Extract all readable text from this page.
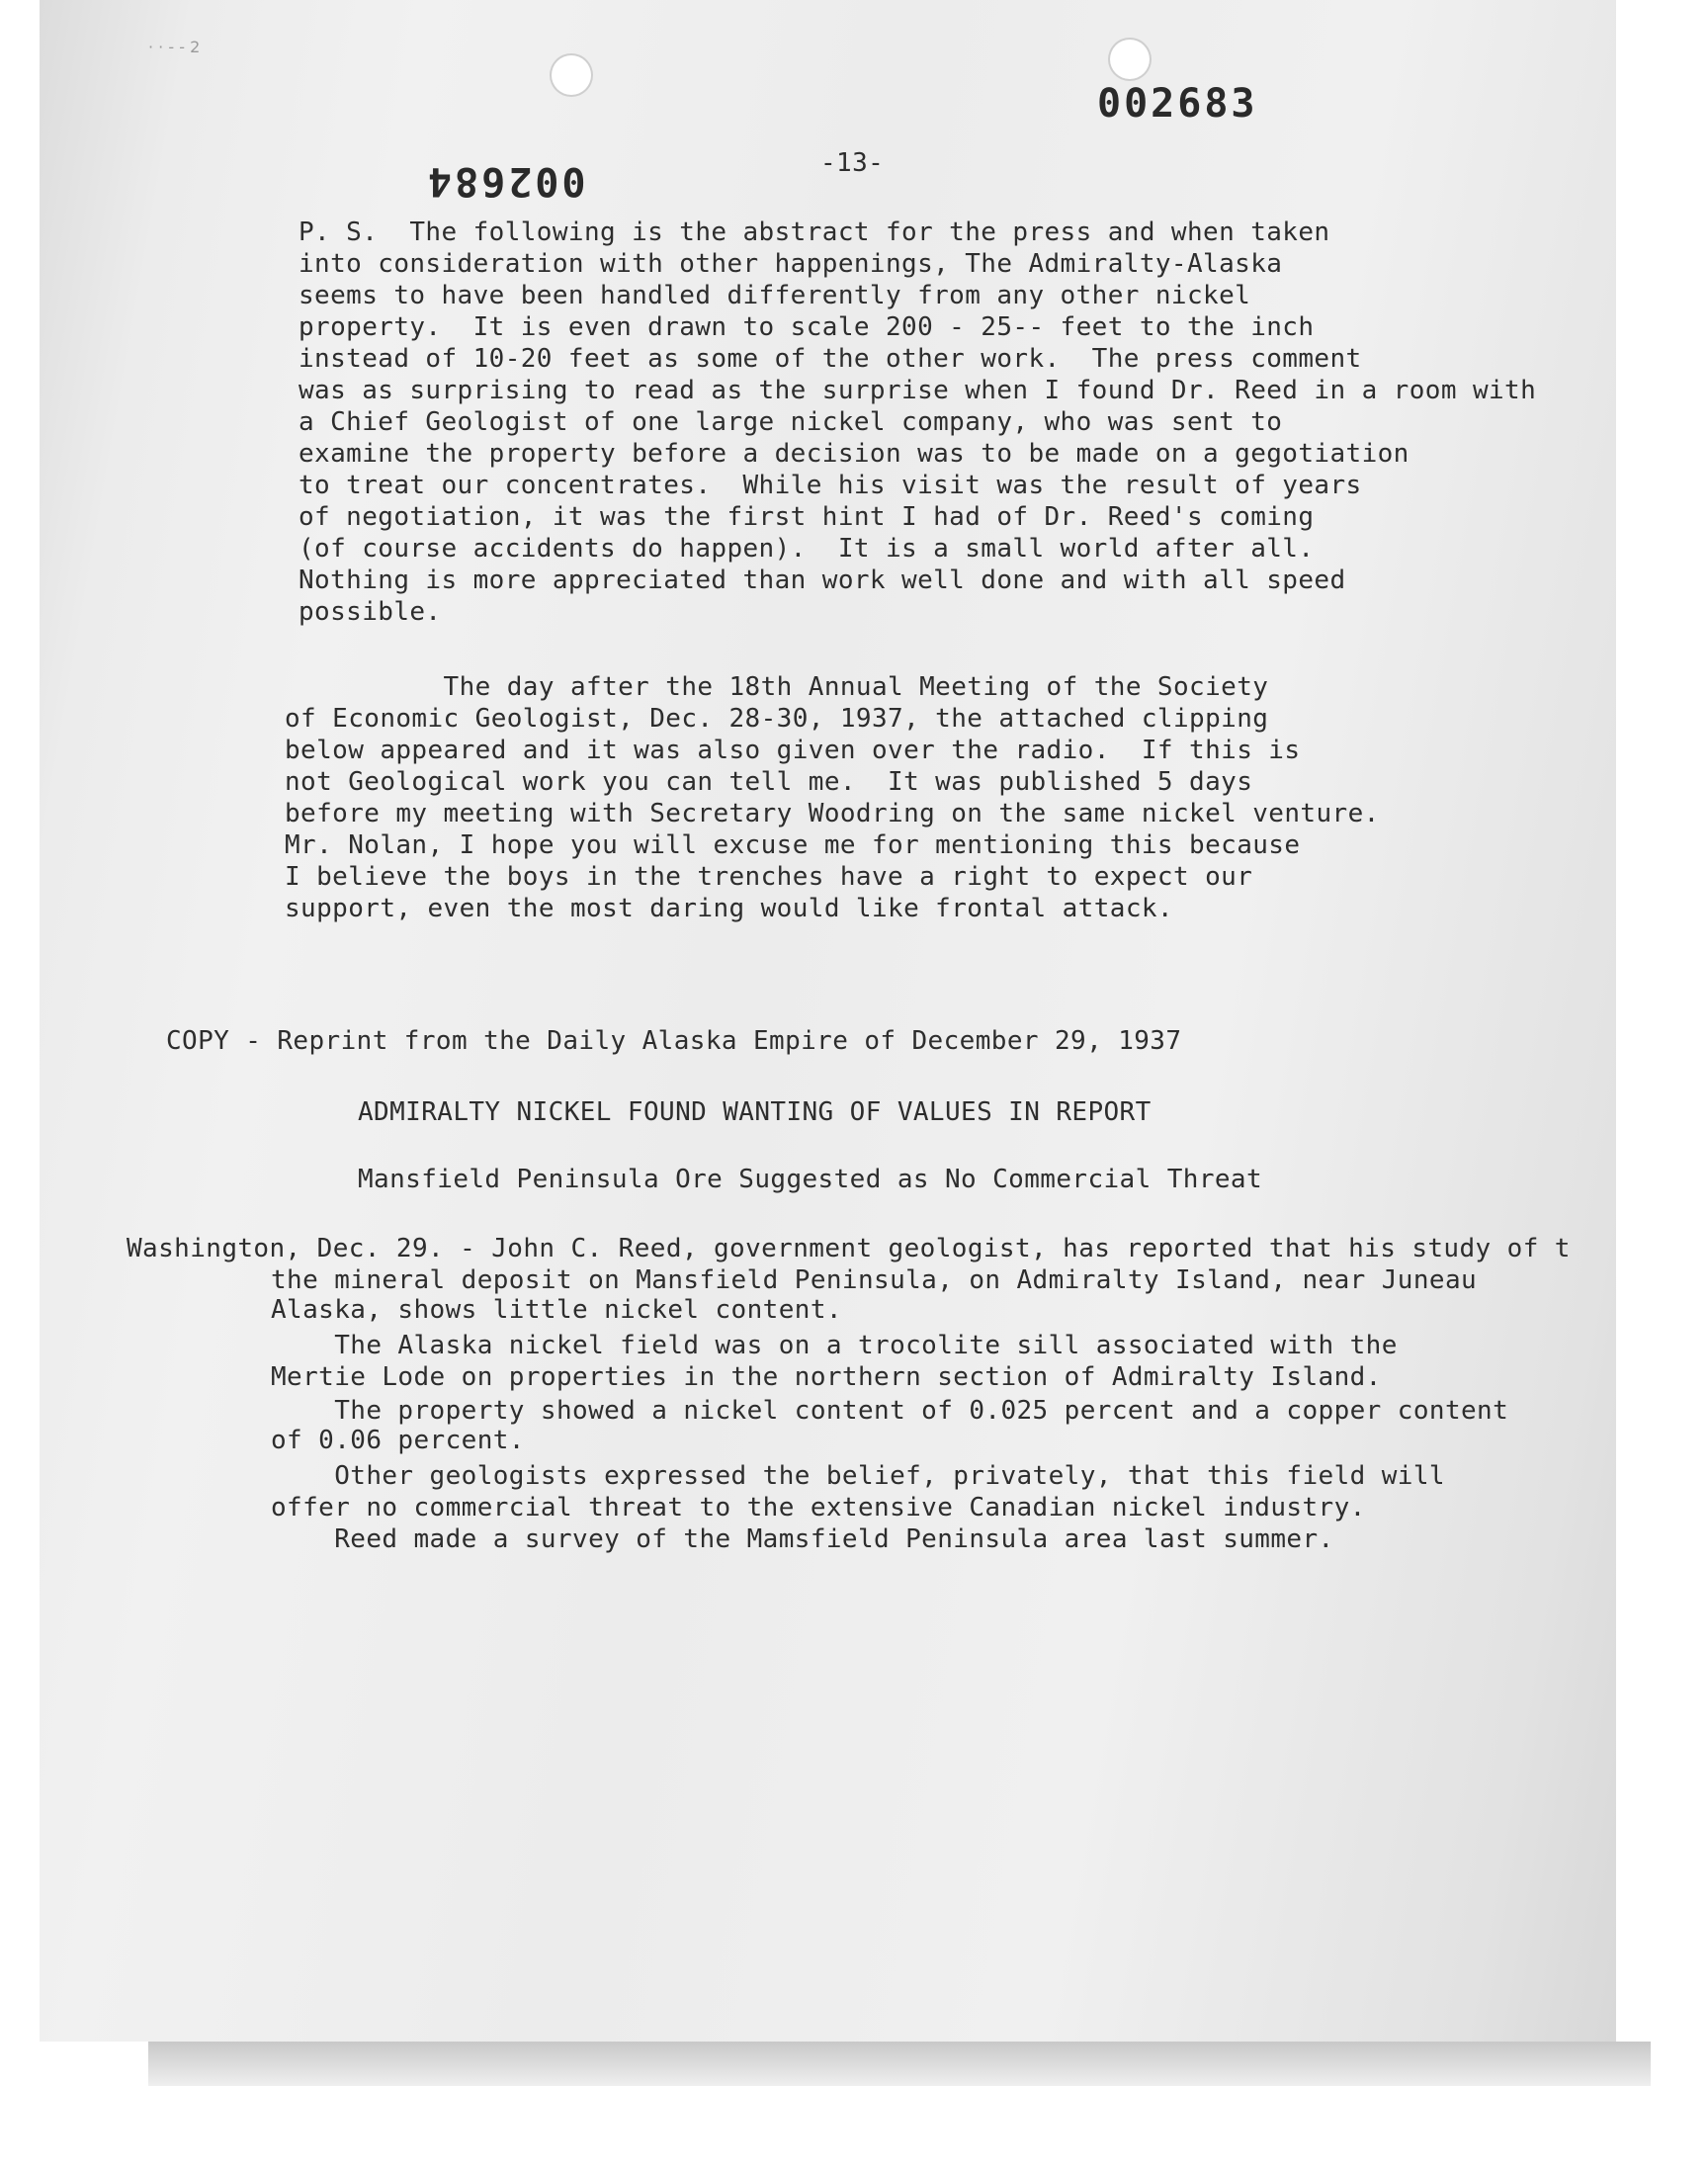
· · - - 2
002683
002684	-13-
P. S.  The following is the abstract for the press and when taken
into consideration with other happenings, The Admiralty-Alaska
seems to have been handled differently from any other nickel
property.  It is even drawn to scale 200 - 25-- feet to the inch
instead of 10-20 feet as some of the other work.  The press comment
was as surprising to read as the surprise when I found Dr. Reed in a room with
a Chief Geologist of one large nickel company, who was sent to
examine the property before a decision was to be made on a gegotiation
to treat our concentrates.  While his visit was the result of years
of negotiation, it was the first hint I had of Dr. Reed's coming
(of course accidents do happen).  It is a small world after all.
Nothing is more appreciated than work well done and with all speed
possible.
The day after the 18th Annual Meeting of the Society
of Economic Geologist, Dec. 28-30, 1937, the attached clipping
below appeared and it was also given over the radio.  If this is
not Geological work you can tell me.  It was published 5 days
before my meeting with Secretary Woodring on the same nickel venture.
Mr. Nolan, I hope you will excuse me for mentioning this because
I believe the boys in the trenches have a right to expect our
support, even the most daring would like frontal attack.
COPY - Reprint from the Daily Alaska Empire of December 29, 1937
ADMIRALTY NICKEL FOUND WANTING OF VALUES IN REPORT
Mansfield Peninsula Ore Suggested as No Commercial Threat
Washington, Dec. 29. - John C. Reed, government geologist, has reported that his study of t
the mineral deposit on Mansfield Peninsula, on Admiralty Island, near Juneau
Alaska, shows little nickel content.
The Alaska nickel field was on a trocolite sill associated with the
Mertie Lode on properties in the northern section of Admiralty Island.
The property showed a nickel content of 0.025 percent and a copper content
of 0.06 percent.
Other geologists expressed the belief, privately, that this field will
offer no commercial threat to the extensive Canadian nickel industry.
Reed made a survey of the Mamsfield Peninsula area last summer.
